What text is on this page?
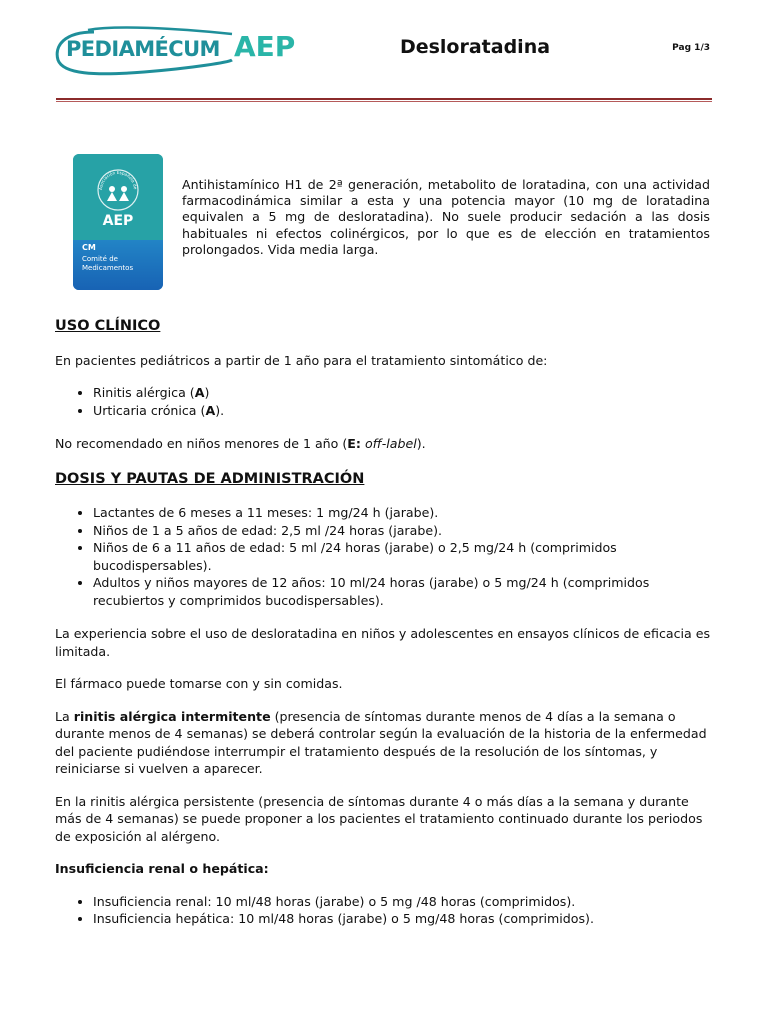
PEDIAMÉCUM AEP	Desloratadina	Pag 1/3
Asociación Española de
AEP
CM
Comité de
Medicamentos
Antihistamínico H1 de 2ª generación, metabolito de loratadina, con una actividad farmacodinámica similar a esta y una potencia mayor (10 mg de loratadina equivalen a 5 mg de desloratadina). No suele producir sedación a las dosis habituales ni efectos colinérgicos, por lo que es de elección en tratamientos prolongados. Vida media larga.
USO CLÍNICO

En pacientes pediátricos a partir de 1 año para el tratamiento sintomático de:

• Rinitis alérgica (A)
• Urticaria crónica (A).

No recomendado en niños menores de 1 año (E: off-label).

DOSIS Y PAUTAS DE ADMINISTRACIÓN
• Lactantes de 6 meses a 11 meses: 1 mg/24 h (jarabe).
• Niños de 1 a 5 años de edad: 2,5 ml /24 horas (jarabe).
• Niños de 6 a 11 años de edad: 5 ml /24 horas (jarabe) o 2,5 mg/24 h (comprimidos bucodispersables).
• Adultos y niños mayores de 12 años: 10 ml/24 horas (jarabe) o 5 mg/24 h (comprimidos recubiertos y comprimidos bucodispersables).

La experiencia sobre el uso de desloratadina en niños y adolescentes en ensayos clínicos de eficacia es limitada.

El fármaco puede tomarse con y sin comidas.

La rinitis alérgica intermitente (presencia de síntomas durante menos de 4 días a la semana o durante menos de 4 semanas) se deberá controlar según la evaluación de la historia de la enfermedad del paciente pudiéndose interrumpir el tratamiento después de la resolución de los síntomas, y reiniciarse si vuelven a aparecer.

En la rinitis alérgica persistente (presencia de síntomas durante 4 o más días a la semana y durante más de 4 semanas) se puede proponer a los pacientes el tratamiento continuado durante los periodos de exposición al alérgeno.

Insuficiencia renal o hepática:

• Insuficiencia renal: 10 ml/48 horas (jarabe) o 5 mg /48 horas (comprimidos).
• Insuficiencia hepática: 10 ml/48 horas (jarabe) o 5 mg/48 horas (comprimidos).
